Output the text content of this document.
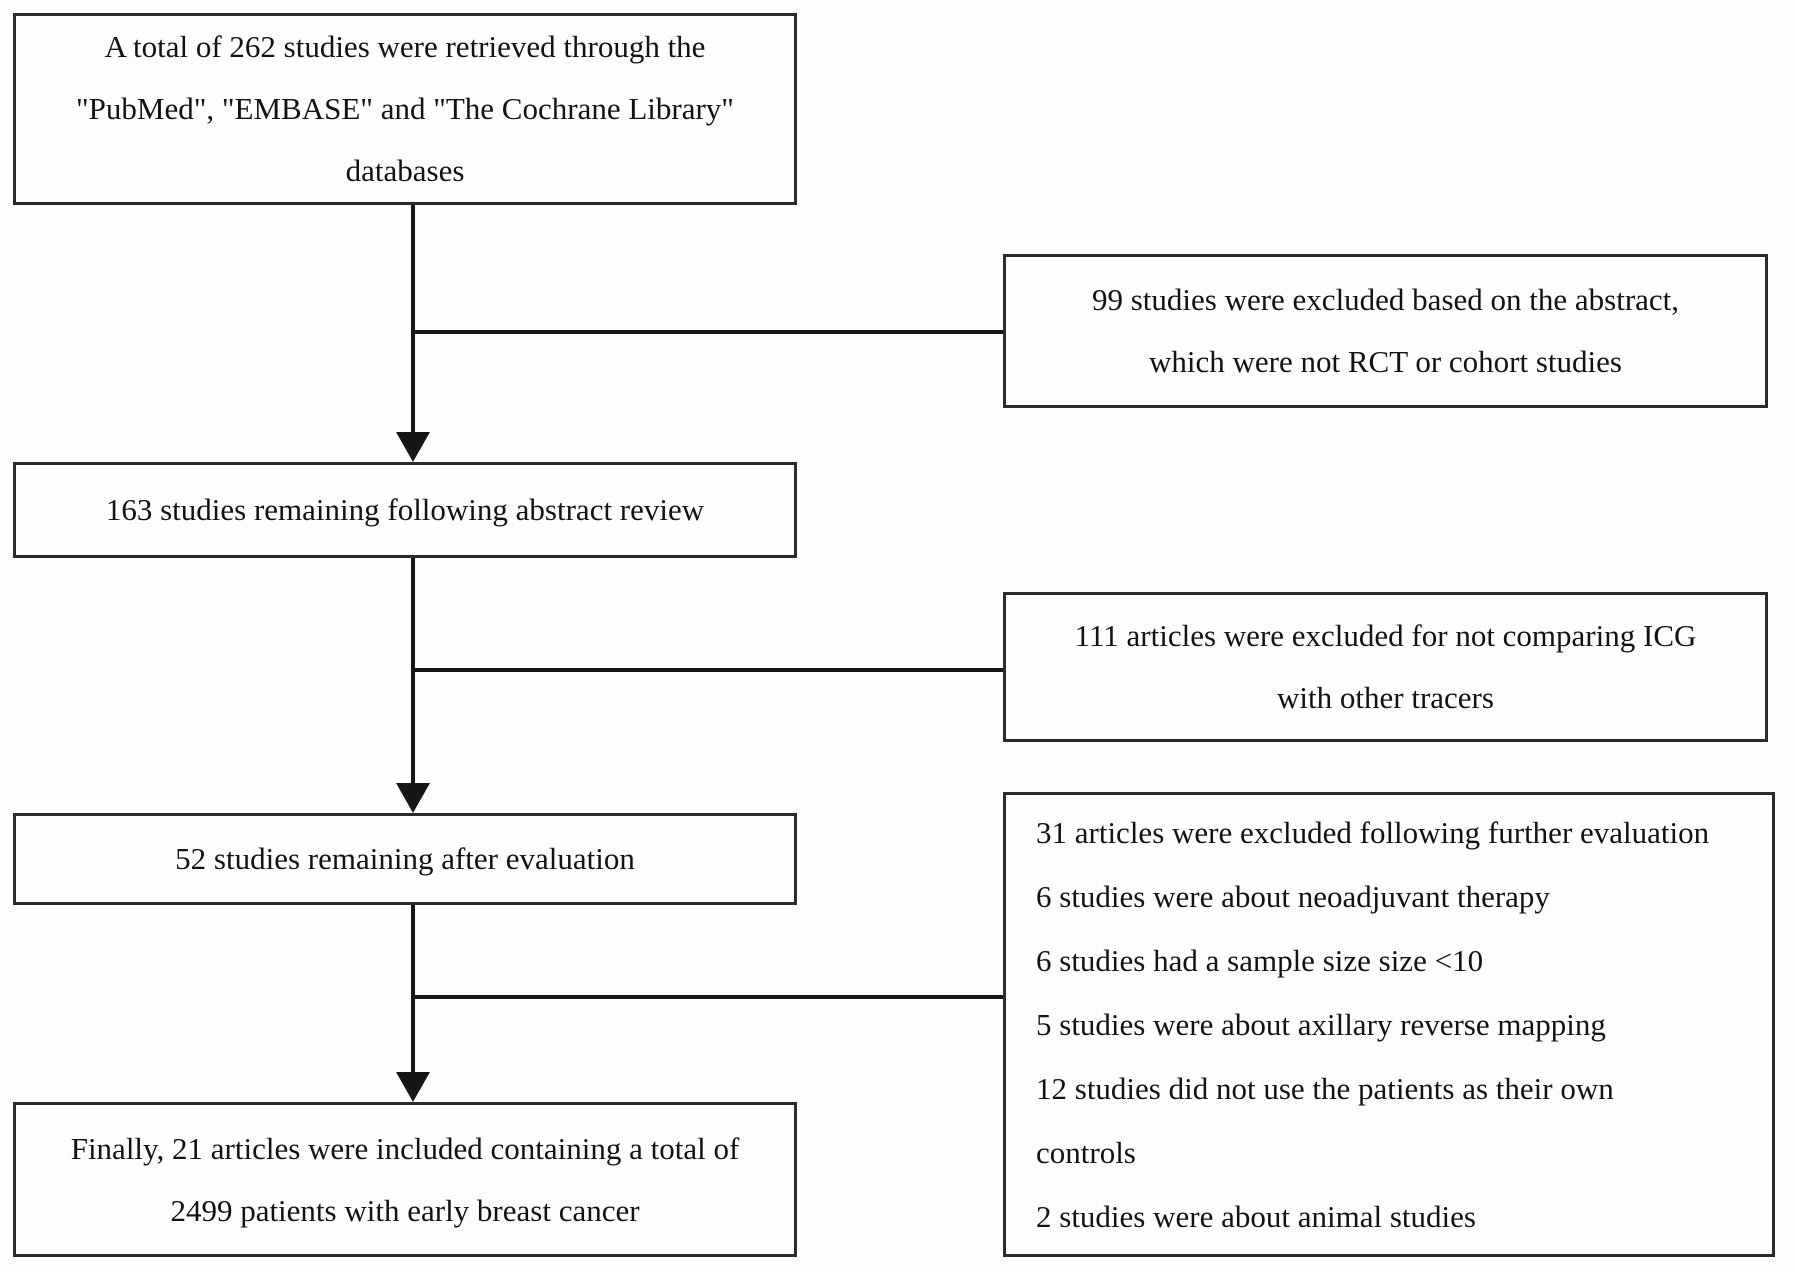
A total of 262 studies were retrieved through the
"PubMed", "EMBASE" and "The Cochrane Library"
databases
163 studies remaining following abstract review
52 studies remaining after evaluation
Finally, 21 articles were included containing a total of
2499 patients with early breast cancer
99 studies were excluded based on the abstract,
which were not RCT or cohort studies
111 articles were excluded for not comparing ICG
with other tracers
31 articles were excluded following further evaluation
6 studies were about neoadjuvant therapy
6 studies had a sample size size <10
5 studies were about axillary reverse mapping
12 studies did not use the patients as their own
controls
2 studies were about animal studies
